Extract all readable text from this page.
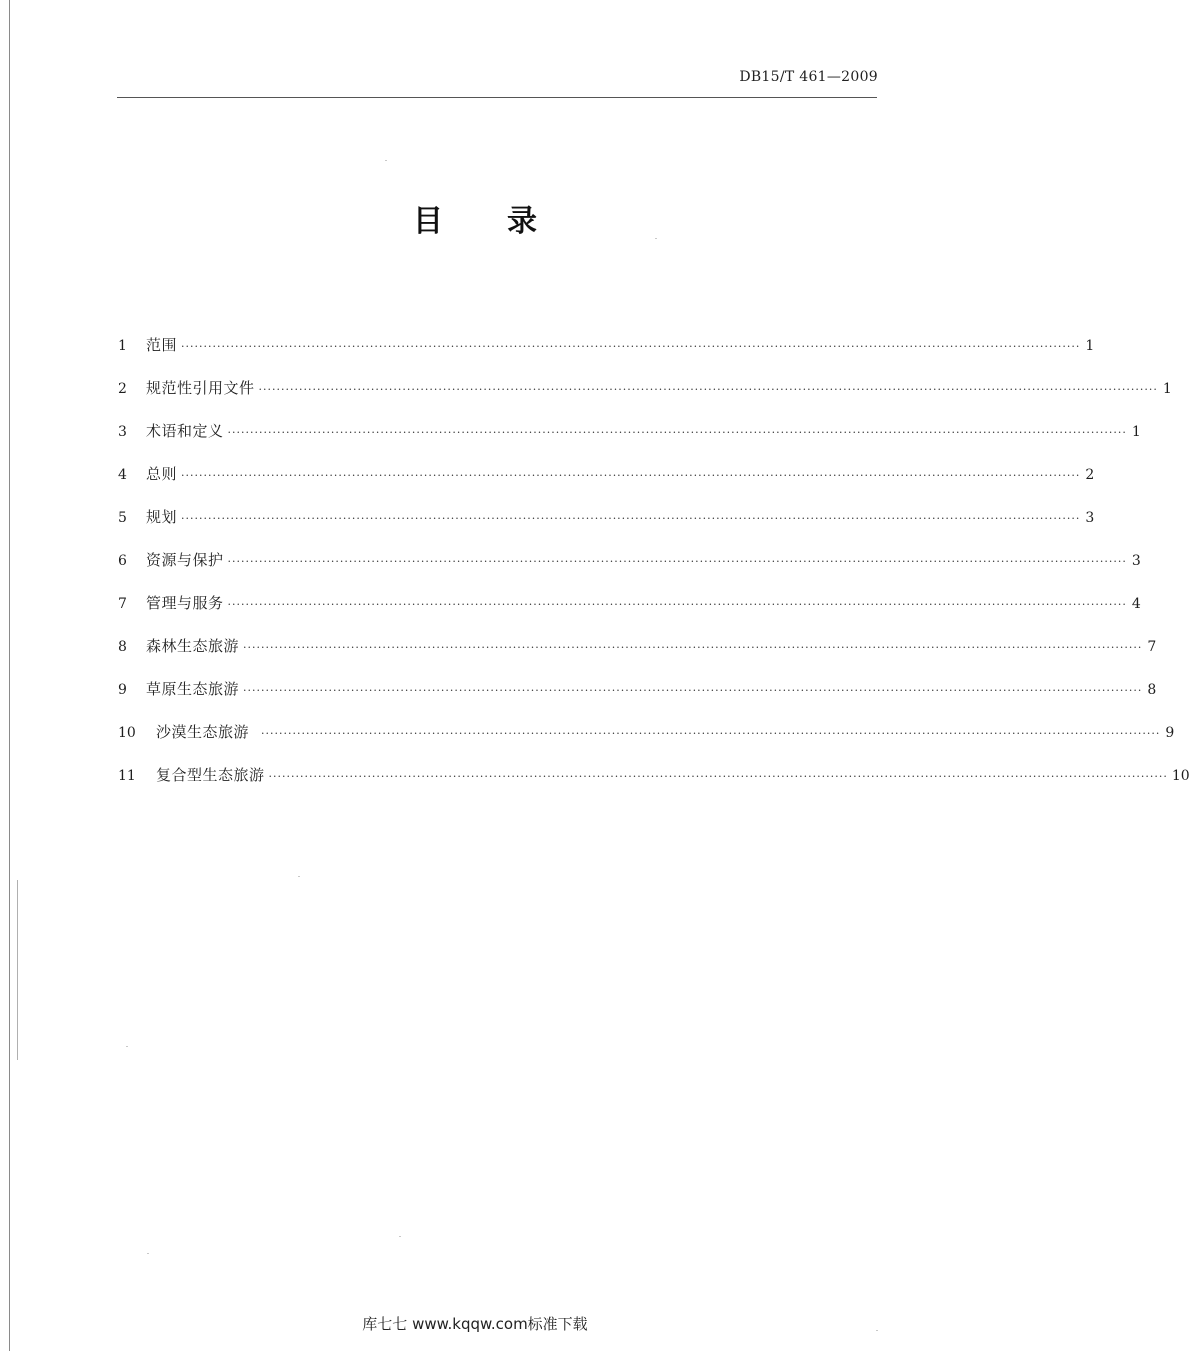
DB15/T 461—2009
目录
1	范围 ········································································································································································································ 1
2	规范性引用文件 ········································································································································································································ 1
3	术语和定义 ········································································································································································································ 1
4	总则 ········································································································································································································ 2
5	规划 ········································································································································································································ 3
6	资源与保护 ········································································································································································································ 3
7	管理与服务 ········································································································································································································ 4
8	森林生态旅游 ········································································································································································································ 7
9	草原生态旅游 ········································································································································································································ 8
10	沙漠生态旅游 ········································································································································································································ 9
11	复合型生态旅游 ········································································································································································································ 10
库七七 www.kqqw.com标准下载
